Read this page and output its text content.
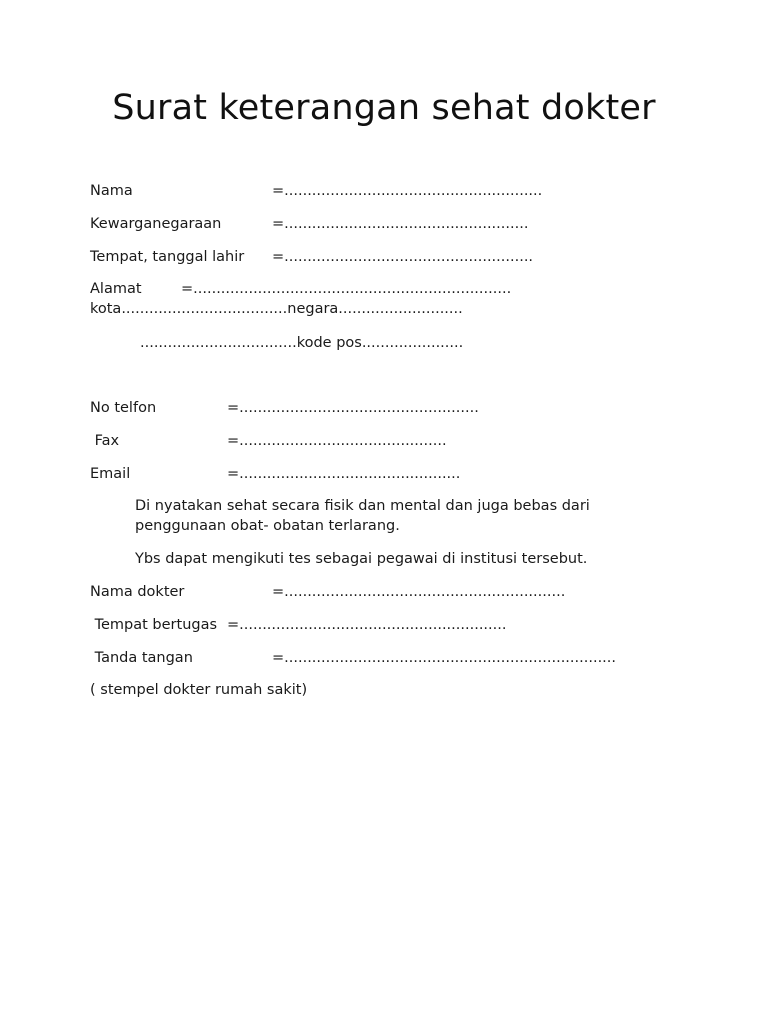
Surat keterangan sehat dokter
Nama	=........................................................
Kewarganegaraan	=.....................................................
Tempat, tanggal lahir =......................................................
Alamat	=.....................................................................
kota....................................negara...........................
..................................kode pos......................
No telfon	=....................................................
Fax	=.............................................
Email	=................................................
Di nyatakan sehat secara fisik dan mental dan juga bebas dari
penggunaan obat- obatan terlarang.
Ybs dapat mengikuti tes sebagai pegawai di institusi tersebut.
Nama dokter	=.............................................................
Tempat bertugas =..........................................................
Tanda tangan	=........................................................................
( stempel dokter rumah sakit)
